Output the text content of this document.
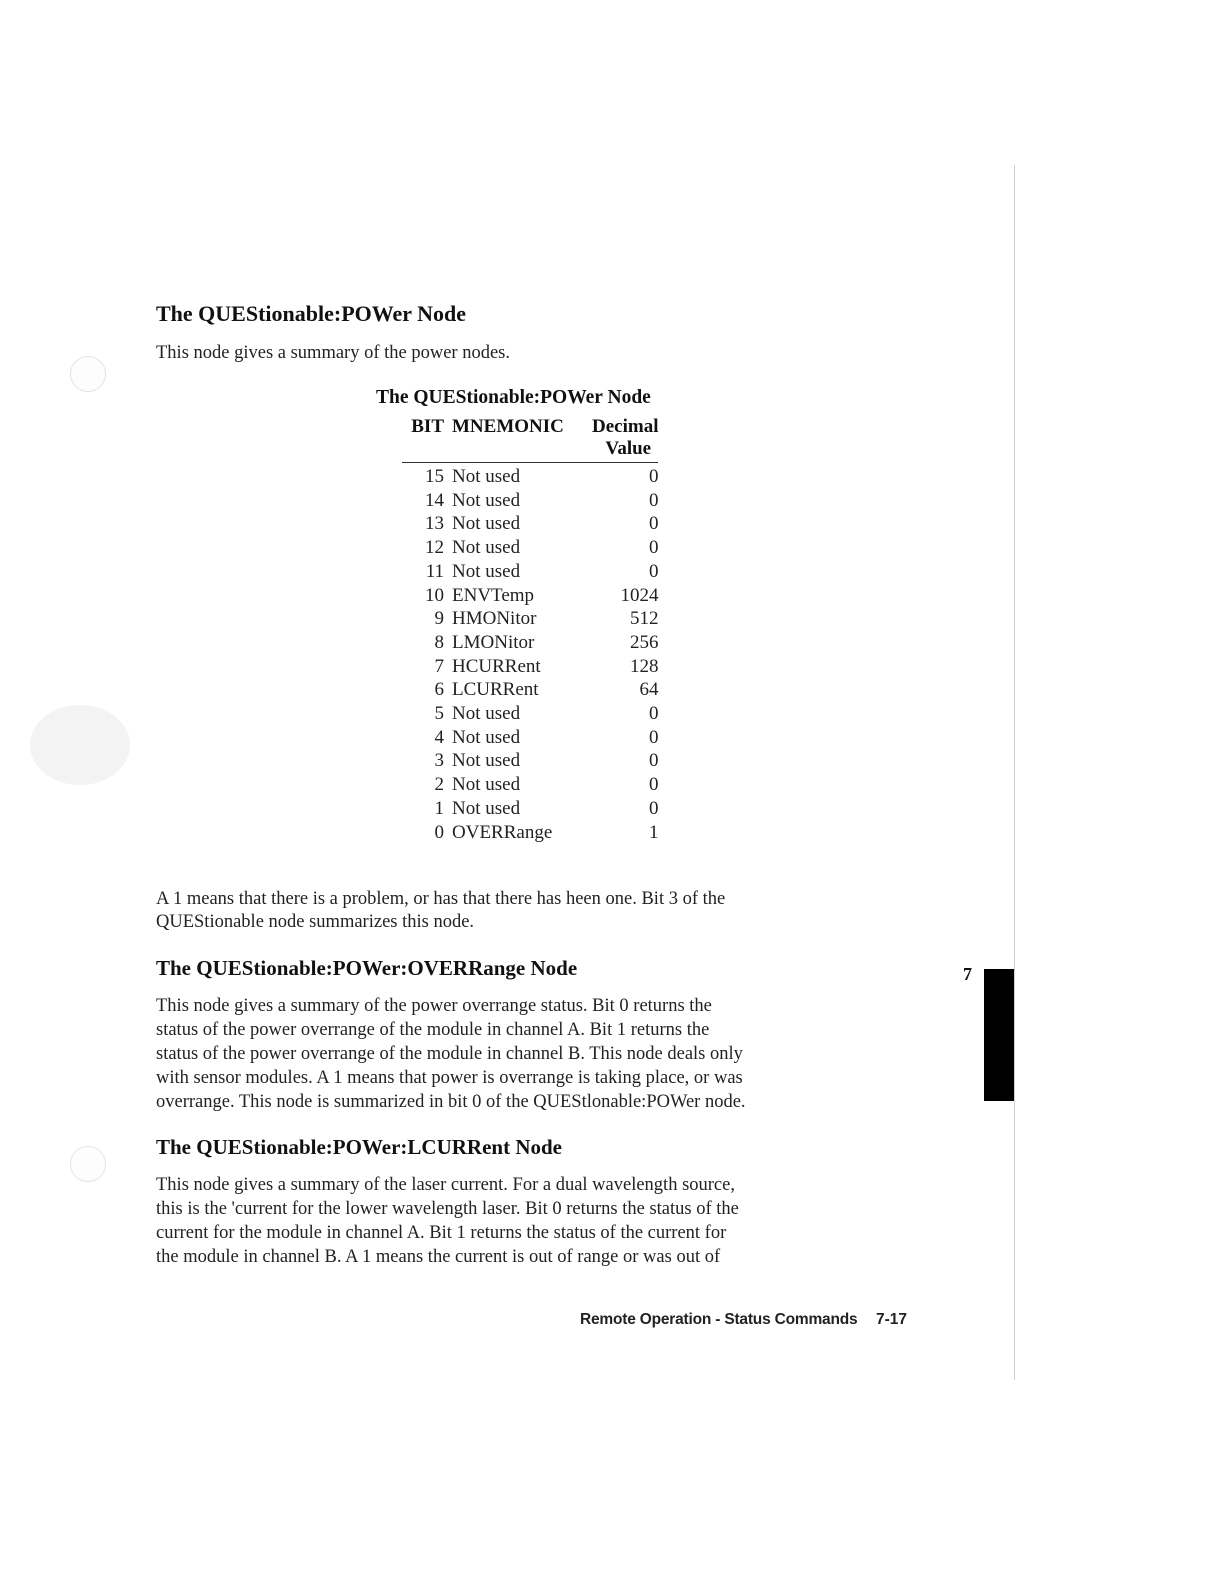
The QUEStionable:POWer Node

This node gives a summary of the power nodes.

The QUEStionable:POWer Node
BIT	MNEMONIC	Decimal
Value

15	Not used	0
14	Not used	0
13	Not used	0
12	Not used	0
11	Not used	0
10	ENVTemp	1024
9	HMONitor	512
8	LMONitor	256
7	HCURRent	128
6	LCURRent	64
5	Not used	0
4	Not used	0
3	Not used	0
2	Not used	0
1	Not used	0
0	OVERRange	1

A 1 means that there is a problem, or has that there has heen one. Bit 3 of the

QUEStionable node summarizes this node.

The QUEStionable:POWer:OVERRange Node

This node gives a summary of the power overrange status. Bit 0 returns the

status of the power overrange of the module in channel A. Bit 1 returns the

status of the power overrange of the module in channel B. This node deals only

with sensor modules. A 1 means that power is overrange is taking place, or was

overrange. This node is summarized in bit 0 of the QUEStlonable:POWer node.

7
The QUEStionable:POWer:LCURRent Node

This node gives a summary of the laser current. For a dual wavelength source,

this is the 'current for the lower wavelength laser. Bit 0 returns the status of the

current for the module in channel A. Bit 1 returns the status of the current for

the module in channel B. A 1 means the current is out of range or was out of

Remote Operation - Status Commands 7-17
